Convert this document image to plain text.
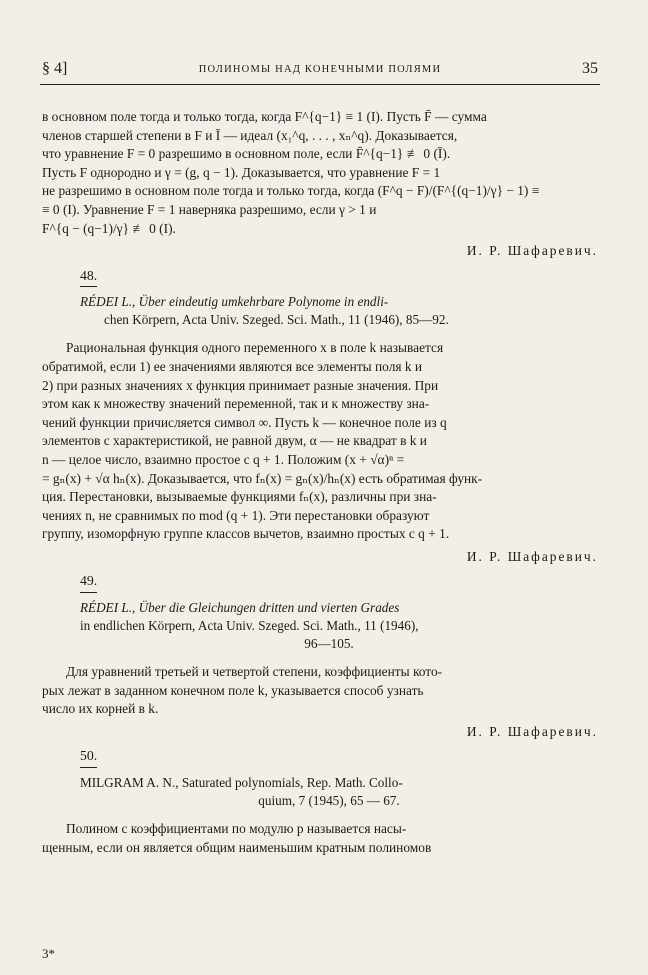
§ 4]	ПОЛИНОМЫ НАД КОНЕЧНЫМИ ПОЛЯМИ	35

в основном поле тогда и только тогда, когда F^{q−1} ≡ 1 (I). Пусть F̄ — сумма
членов старшей степени в F и Ī — идеал (x₁^q, . . . , xₙ^q). Доказывается,
что уравнение F = 0 разрешимо в основном поле, если F̄^{q−1} ≢ 0 (Ī).
Пусть F однородно и γ = (g, q − 1). Доказывается, что уравнение F = 1
не разрешимо в основном поле тогда и только тогда, когда (F^q − F)/(F^{(q−1)/γ} − 1) ≡
≡ 0 (I). Уравнение F = 1 наверняка разрешимо, если γ > 1 и
F^{q − (q−1)/γ} ≢ 0 (I).

И. Р. Шафаревич.
48.
RÉDEI L., Über eindeutig umkehrbare Polynome in endli-
chen Körpern, Acta Univ. Szeged. Sci. Math., 11 (1946), 85—92.

Рациональная функция одного переменного x в поле k называется
обратимой, если 1) ее значениями являются все элементы поля k и
2) при разных значениях x функция принимает разные значения. При
этом как к множеству значений переменной, так и к множеству зна-
чений функции причисляется символ ∞. Пусть k — конечное поле из q
элементов с характеристикой, не равной двум, α — не квадрат в k и
n — целое число, взаимно простое с q + 1. Положим (x + √α)ⁿ =
= gₙ(x) + √α hₙ(x). Доказывается, что fₙ(x) = gₙ(x)/hₙ(x) есть обратимая функ-
ция. Перестановки, вызываемые функциями fₙ(x), различны при зна-
чениях n, не сравнимых по mod (q + 1). Эти перестановки образуют
группу, изоморфную группе классов вычетов, взаимно простых с q + 1.

И. Р. Шафаревич.
49.
RÉDEI L., Über die Gleichungen dritten und vierten Grades
in endlichen Körpern, Acta Univ. Szeged. Sci. Math., 11 (1946),
96—105.

Для уравнений третьей и четвертой степени, коэффициенты кото-
рых лежат в заданном конечном поле k, указывается способ узнать
число их корней в k.

И. Р. Шафаревич.
50.
MILGRAM A. N., Saturated polynomials, Rep. Math. Collo-
quium, 7 (1945), 65 — 67.

Полином с коэффициентами по модулю p называется насы-
щенным, если он является общим наименьшим кратным полиномов

3*
